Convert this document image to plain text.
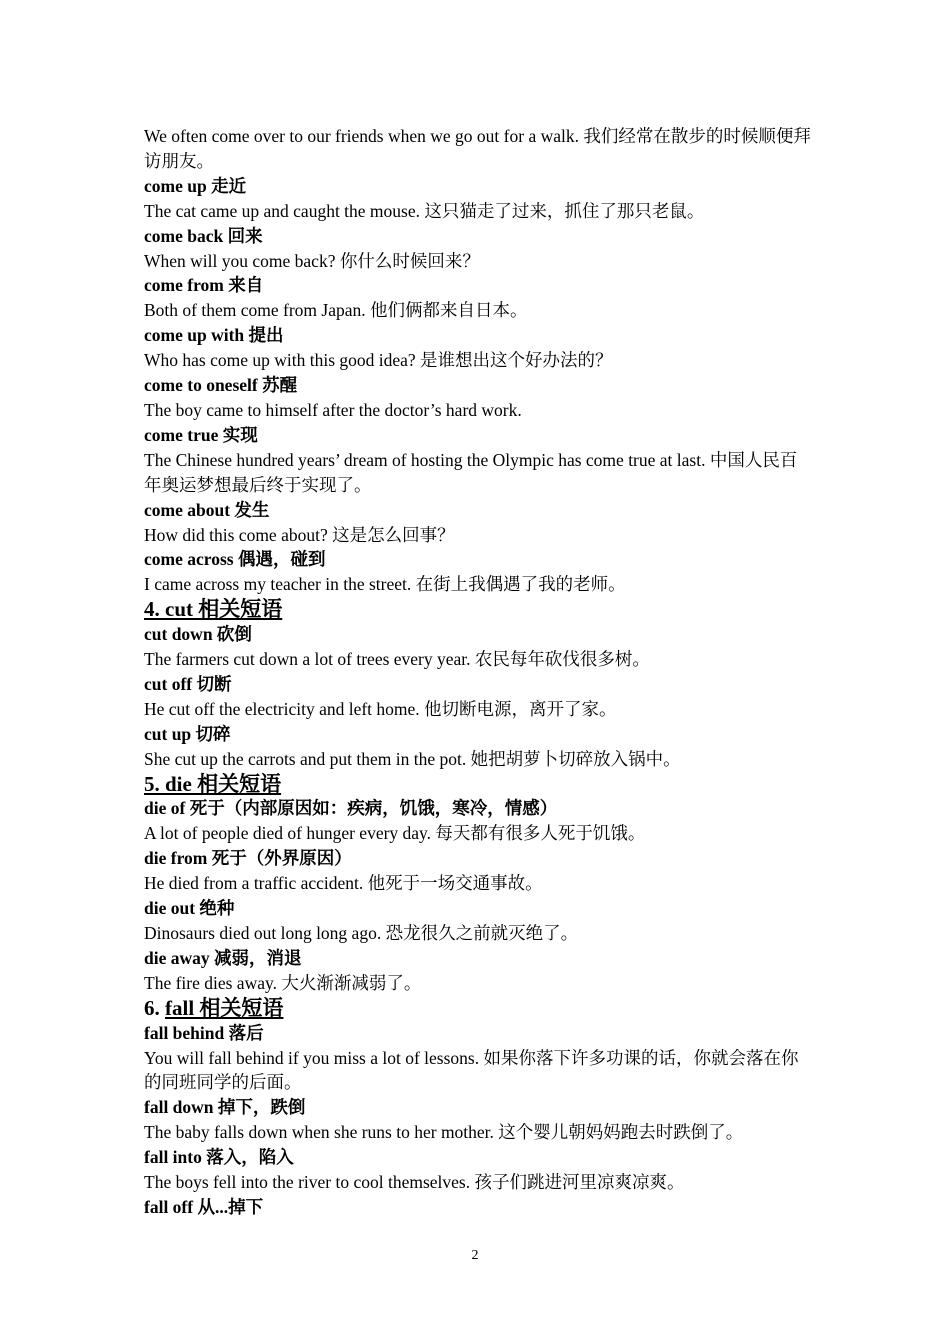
We often come over to our friends when we go out for a walk. 我们经常在散步的时候顺便拜访朋友。

come up 走近

The cat came up and caught the mouse. 这只猫走了过来，抓住了那只老鼠。

come back 回来

When will you come back? 你什么时候回来？

come from 来自

Both of them come from Japan. 他们俩都来自日本。

come up with 提出

Who has come up with this good idea? 是谁想出这个好办法的？

come to oneself 苏醒

The boy came to himself after the doctor’s hard work.

come true 实现

The Chinese hundred years’ dream of hosting the Olympic has come true at last. 中国人民百年奥运梦想最后终于实现了。

come about 发生

How did this come about? 这是怎么回事？

come across 偶遇，碰到

I came across my teacher in the street. 在街上我偶遇了我的老师。

4. cut 相关短语

cut down 砍倒

The farmers cut down a lot of trees every year. 农民每年砍伐很多树。

cut off 切断

He cut off the electricity and left home. 他切断电源，离开了家。

cut up 切碎

She cut up the carrots and put them in the pot. 她把胡萝卜切碎放入锅中。

5. die 相关短语

die of 死于（内部原因如：疾病，饥饿，寒冷，情感）

A lot of people died of hunger every day. 每天都有很多人死于饥饿。

die from 死于（外界原因）

He died from a traffic accident. 他死于一场交通事故。

die out 绝种

Dinosaurs died out long long ago. 恐龙很久之前就灭绝了。

die away 减弱，消退

The fire dies away. 大火渐渐减弱了。

6. fall 相关短语

fall behind 落后

You will fall behind if you miss a lot of lessons. 如果你落下许多功课的话，你就会落在你的同班同学的后面。

fall down 掉下，跌倒

The baby falls down when she runs to her mother. 这个婴儿朝妈妈跑去时跌倒了。

fall into 落入，陷入

The boys fell into the river to cool themselves. 孩子们跳进河里凉爽凉爽。

fall off 从...掉下

2
